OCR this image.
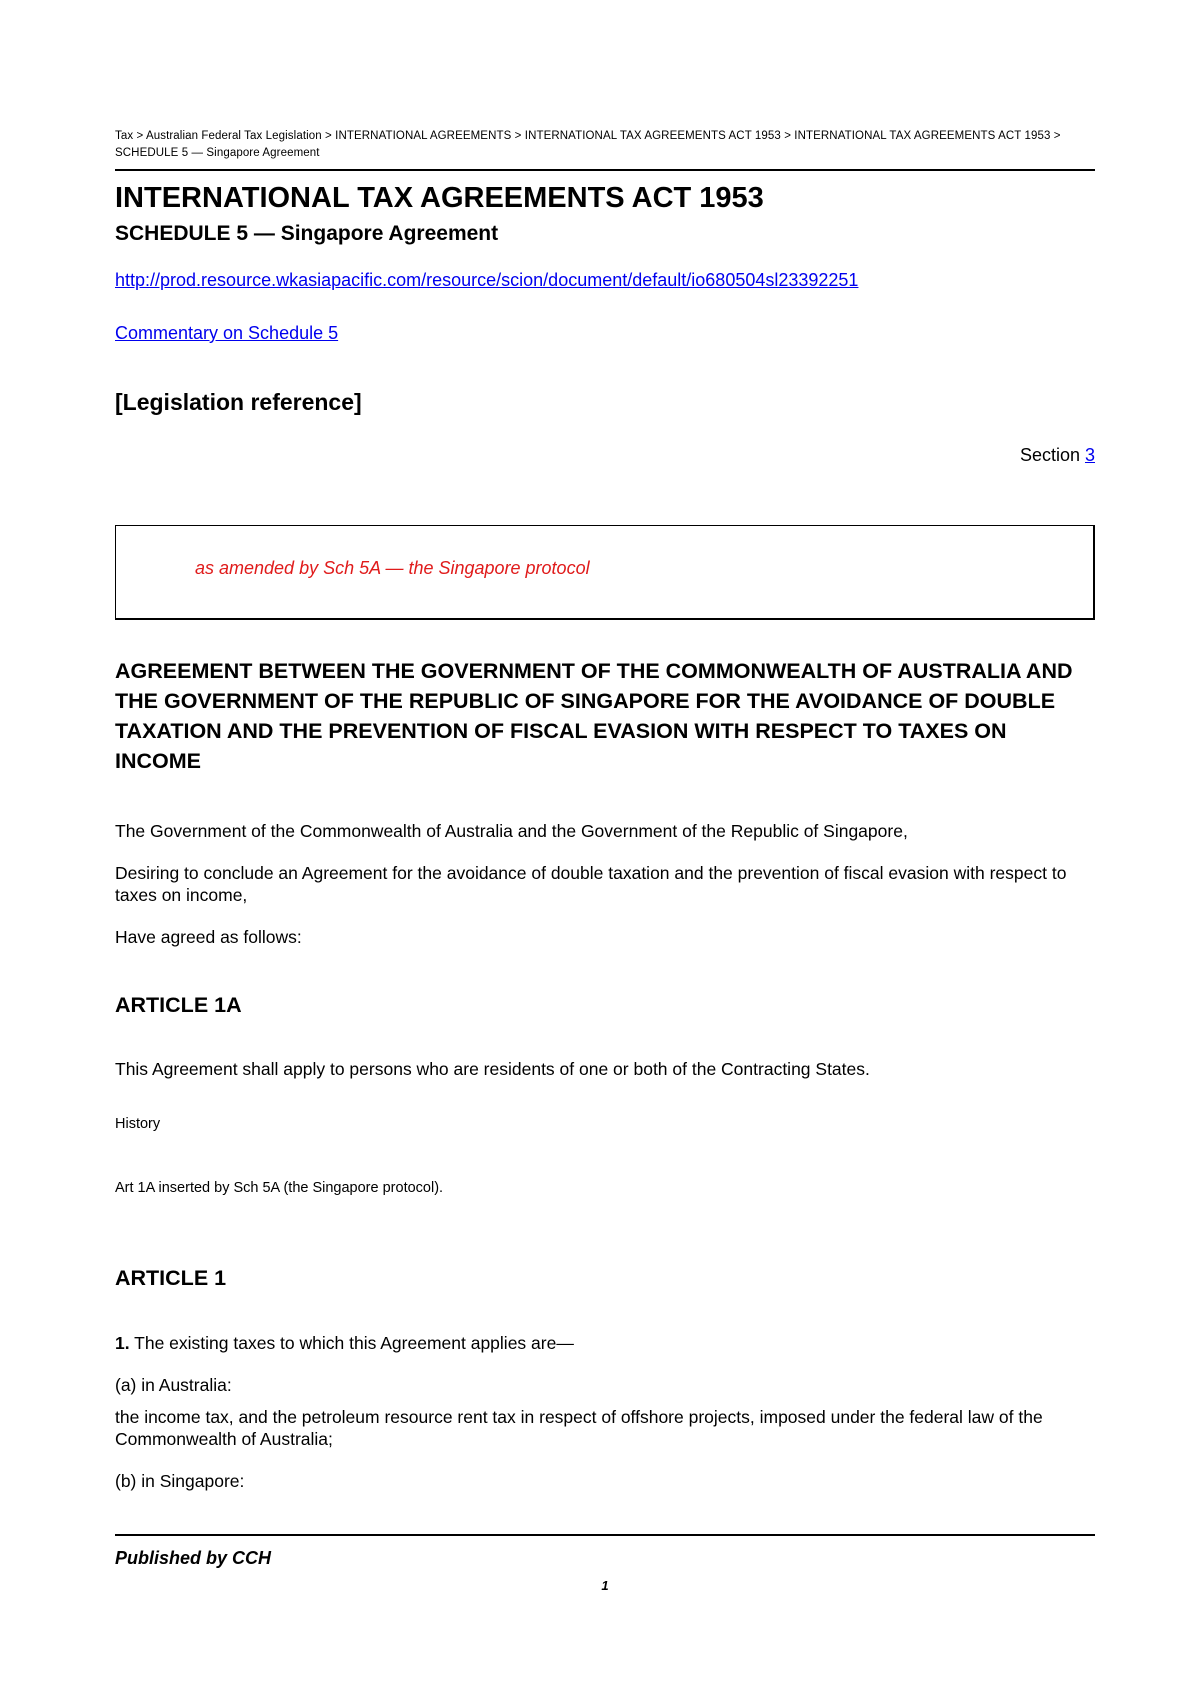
Tax > Australian Federal Tax Legislation > INTERNATIONAL AGREEMENTS > INTERNATIONAL TAX AGREEMENTS ACT 1953 > INTERNATIONAL TAX AGREEMENTS ACT 1953 > SCHEDULE 5 — Singapore Agreement
INTERNATIONAL TAX AGREEMENTS ACT 1953
SCHEDULE 5 — Singapore Agreement
http://prod.resource.wkasiapacific.com/resource/scion/document/default/io680504sl23392251
Commentary on Schedule 5
[Legislation reference]
Section 3
as amended by Sch 5A — the Singapore protocol
AGREEMENT BETWEEN THE GOVERNMENT OF THE COMMONWEALTH OF AUSTRALIA AND THE GOVERNMENT OF THE REPUBLIC OF SINGAPORE FOR THE AVOIDANCE OF DOUBLE TAXATION AND THE PREVENTION OF FISCAL EVASION WITH RESPECT TO TAXES ON INCOME

The Government of the Commonwealth of Australia and the Government of the Republic of Singapore,

Desiring to conclude an Agreement for the avoidance of double taxation and the prevention of fiscal evasion with respect to taxes on income,

Have agreed as follows:

ARTICLE 1A

This Agreement shall apply to persons who are residents of one or both of the Contracting States.

History

Art 1A inserted by Sch 5A (the Singapore protocol).

ARTICLE 1

1. The existing taxes to which this Agreement applies are—

(a) in Australia:

the income tax, and the petroleum resource rent tax in respect of offshore projects, imposed under the federal law of the Commonwealth of Australia;

(b) in Singapore:

Published by CCH
1
